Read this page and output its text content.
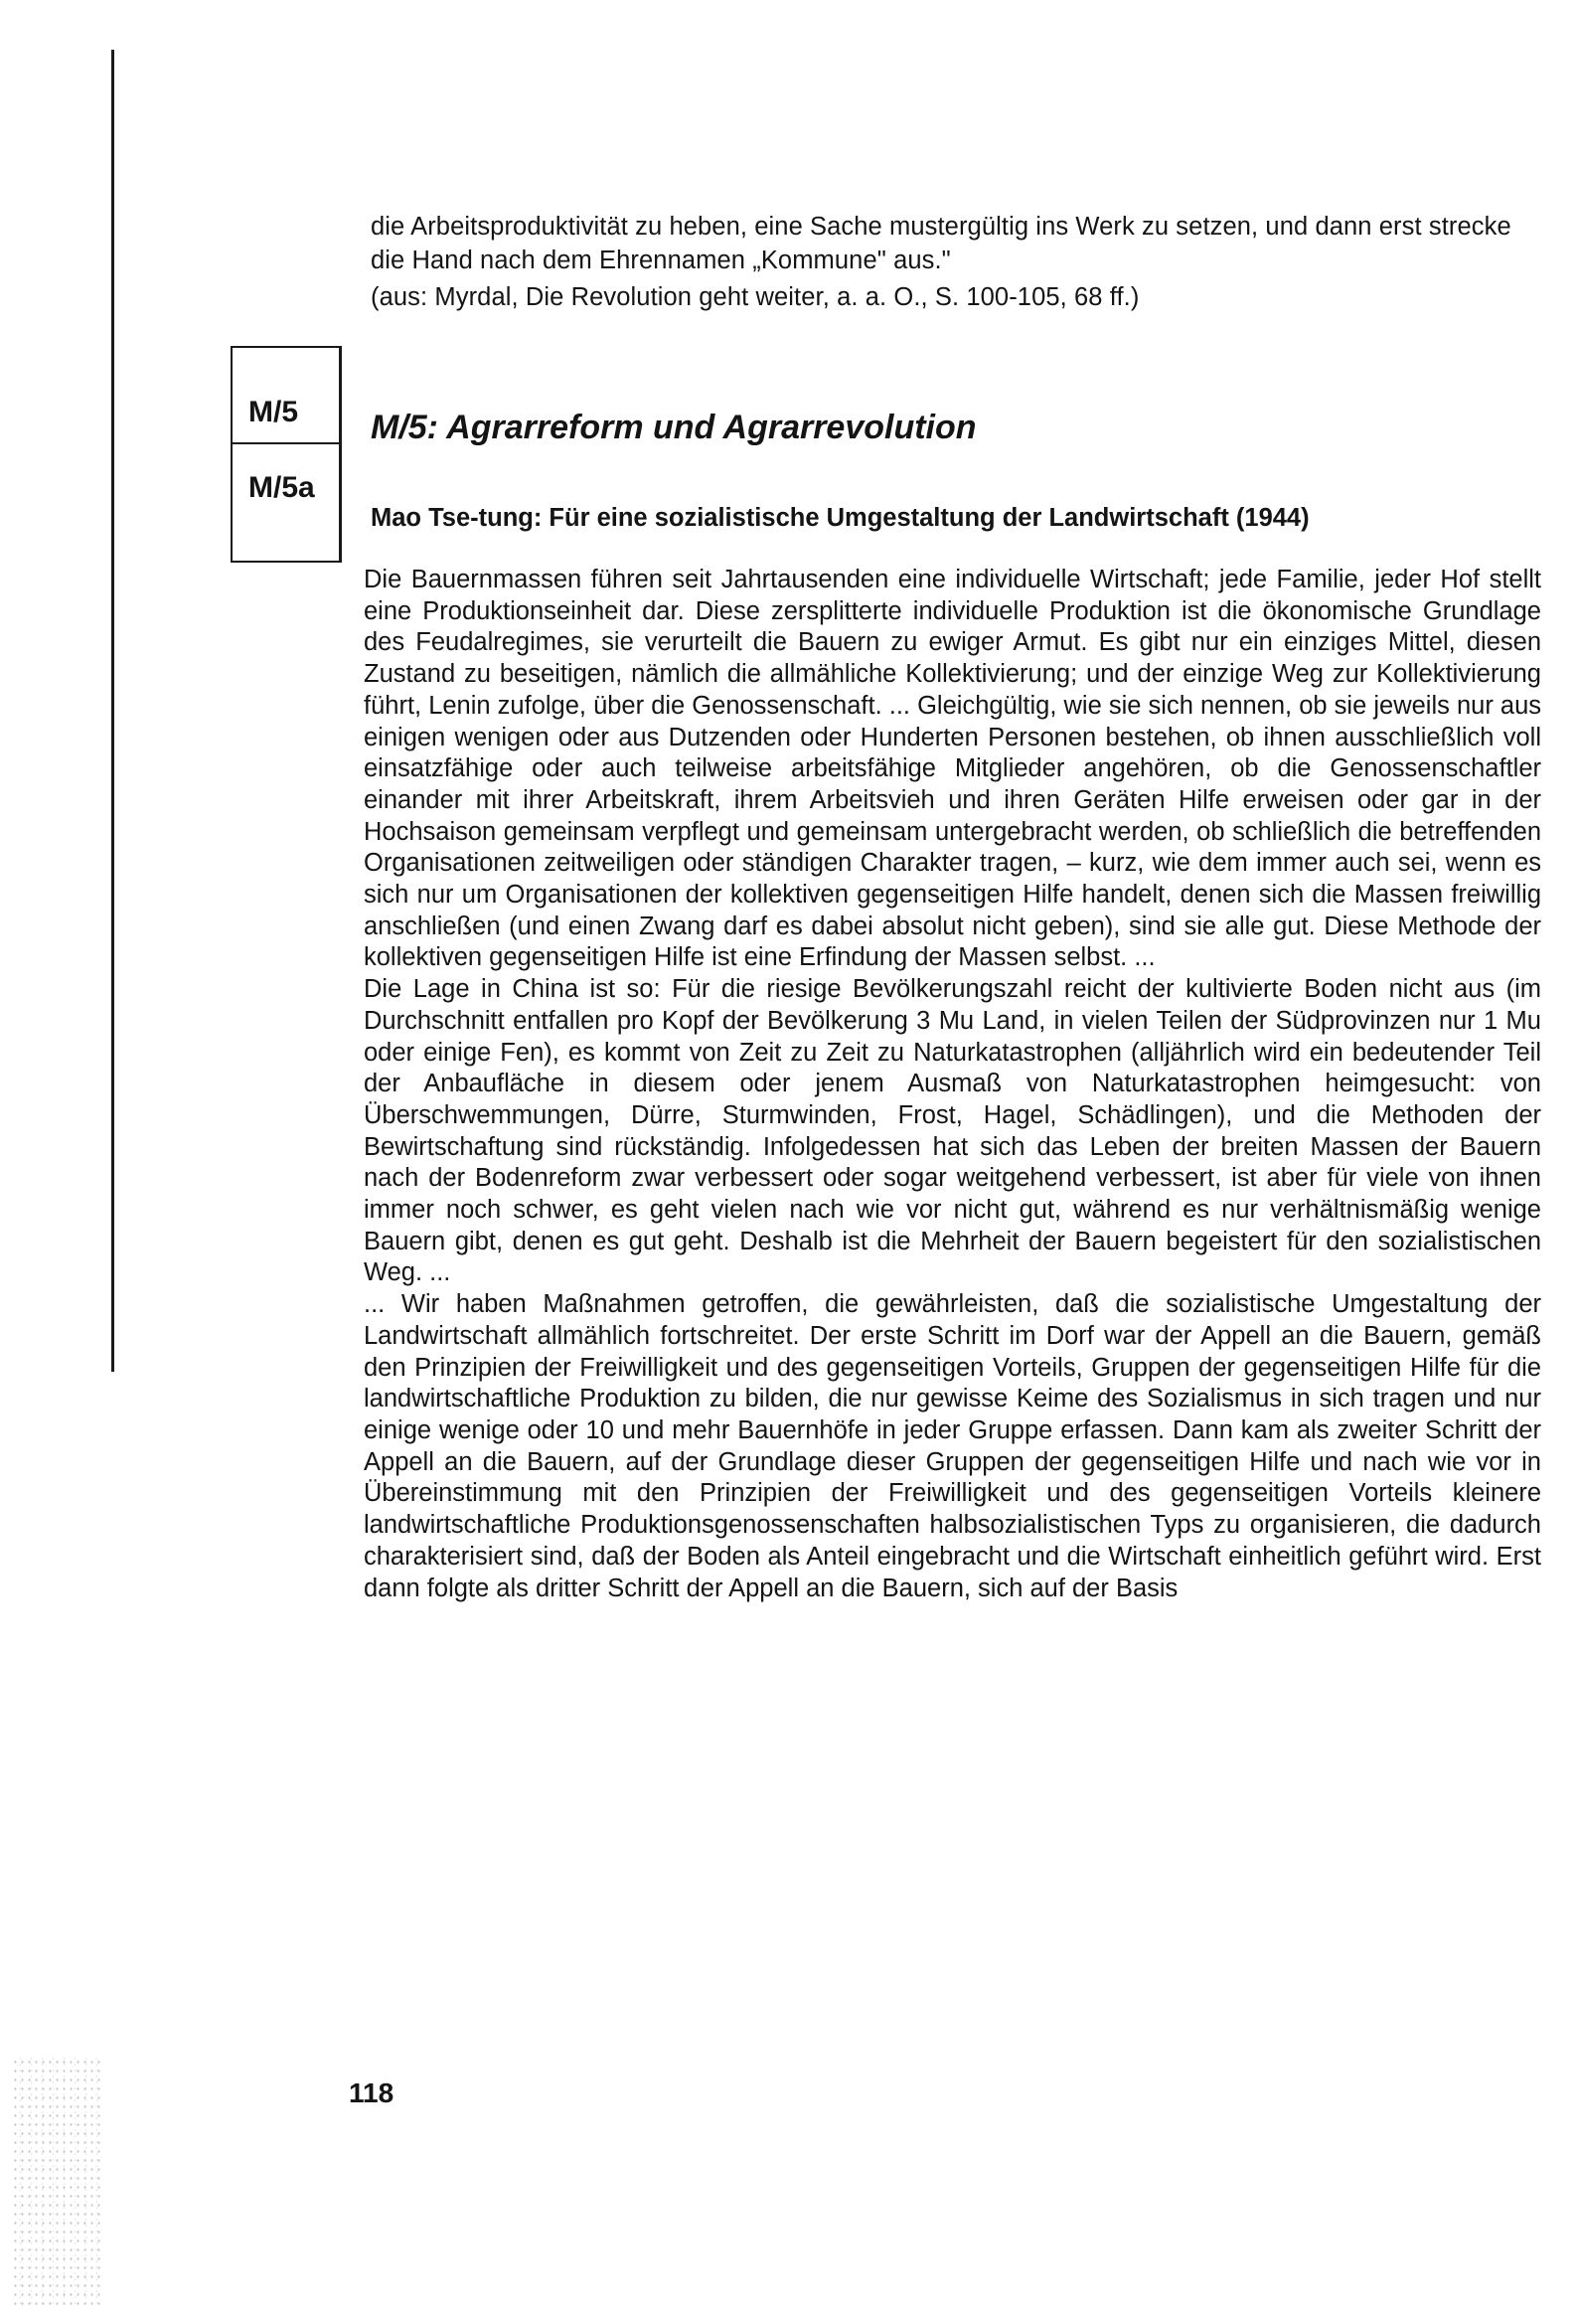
die Arbeitsproduktivität zu heben, eine Sache mustergültig ins Werk zu setzen, und dann erst strecke die Hand nach dem Ehrennamen „Kommune" aus."

(aus: Myrdal, Die Revolution geht weiter, a. a. O., S. 100-105, 68 ff.)

M/5
M/5a
M/5: Agrarreform und Agrarrevolution
Mao Tse-tung: Für eine sozialistische Umgestaltung der Landwirtschaft (1944)

Die Bauernmassen führen seit Jahrtausenden eine individuelle Wirtschaft; jede Familie, jeder Hof stellt eine Produktionseinheit dar. Diese zersplitterte individuelle Produktion ist die ökonomische Grundlage des Feudalregimes, sie verurteilt die Bauern zu ewiger Armut. Es gibt nur ein einziges Mittel, diesen Zustand zu beseitigen, nämlich die allmähliche Kollektivierung; und der einzige Weg zur Kollektivierung führt, Lenin zufolge, über die Genossenschaft. ... Gleichgültig, wie sie sich nennen, ob sie jeweils nur aus einigen wenigen oder aus Dutzenden oder Hunderten Personen bestehen, ob ihnen ausschließlich voll einsatzfähige oder auch teilweise arbeitsfähige Mitglieder angehören, ob die Genossenschaftler einander mit ihrer Arbeitskraft, ihrem Arbeitsvieh und ihren Geräten Hilfe erweisen oder gar in der Hochsaison gemeinsam verpflegt und gemeinsam untergebracht werden, ob schließlich die betreffenden Organisationen zeitweiligen oder ständigen Charakter tragen, – kurz, wie dem immer auch sei, wenn es sich nur um Organisationen der kollektiven gegenseitigen Hilfe handelt, denen sich die Massen freiwillig anschließen (und einen Zwang darf es dabei absolut nicht geben), sind sie alle gut. Diese Methode der kollektiven gegenseitigen Hilfe ist eine Erfindung der Massen selbst. ...

Die Lage in China ist so: Für die riesige Bevölkerungszahl reicht der kultivierte Boden nicht aus (im Durchschnitt entfallen pro Kopf der Bevölkerung 3 Mu Land, in vielen Teilen der Südprovinzen nur 1 Mu oder einige Fen), es kommt von Zeit zu Zeit zu Naturkatastrophen (alljährlich wird ein bedeutender Teil der Anbaufläche in diesem oder jenem Ausmaß von Naturkatastrophen heimgesucht: von Überschwemmungen, Dürre, Sturmwinden, Frost, Hagel, Schädlingen), und die Methoden der Bewirtschaftung sind rückständig. Infolgedessen hat sich das Leben der breiten Massen der Bauern nach der Bodenreform zwar verbessert oder sogar weitgehend verbessert, ist aber für viele von ihnen immer noch schwer, es geht vielen nach wie vor nicht gut, während es nur verhältnismäßig wenige Bauern gibt, denen es gut geht. Deshalb ist die Mehrheit der Bauern begeistert für den sozialistischen Weg. ...

... Wir haben Maßnahmen getroffen, die gewährleisten, daß die sozialistische Umgestaltung der Landwirtschaft allmählich fortschreitet. Der erste Schritt im Dorf war der Appell an die Bauern, gemäß den Prinzipien der Freiwilligkeit und des gegenseitigen Vorteils, Gruppen der gegenseitigen Hilfe für die landwirtschaftliche Produktion zu bilden, die nur gewisse Keime des Sozialismus in sich tragen und nur einige wenige oder 10 und mehr Bauernhöfe in jeder Gruppe erfassen. Dann kam als zweiter Schritt der Appell an die Bauern, auf der Grundlage dieser Gruppen der gegenseitigen Hilfe und nach wie vor in Übereinstimmung mit den Prinzipien der Freiwilligkeit und des gegenseitigen Vorteils kleinere landwirtschaftliche Produktionsgenossenschaften halbsozialistischen Typs zu organisieren, die dadurch charakterisiert sind, daß der Boden als Anteil eingebracht und die Wirtschaft einheitlich geführt wird. Erst dann folgte als dritter Schritt der Appell an die Bauern, sich auf der Basis

118
